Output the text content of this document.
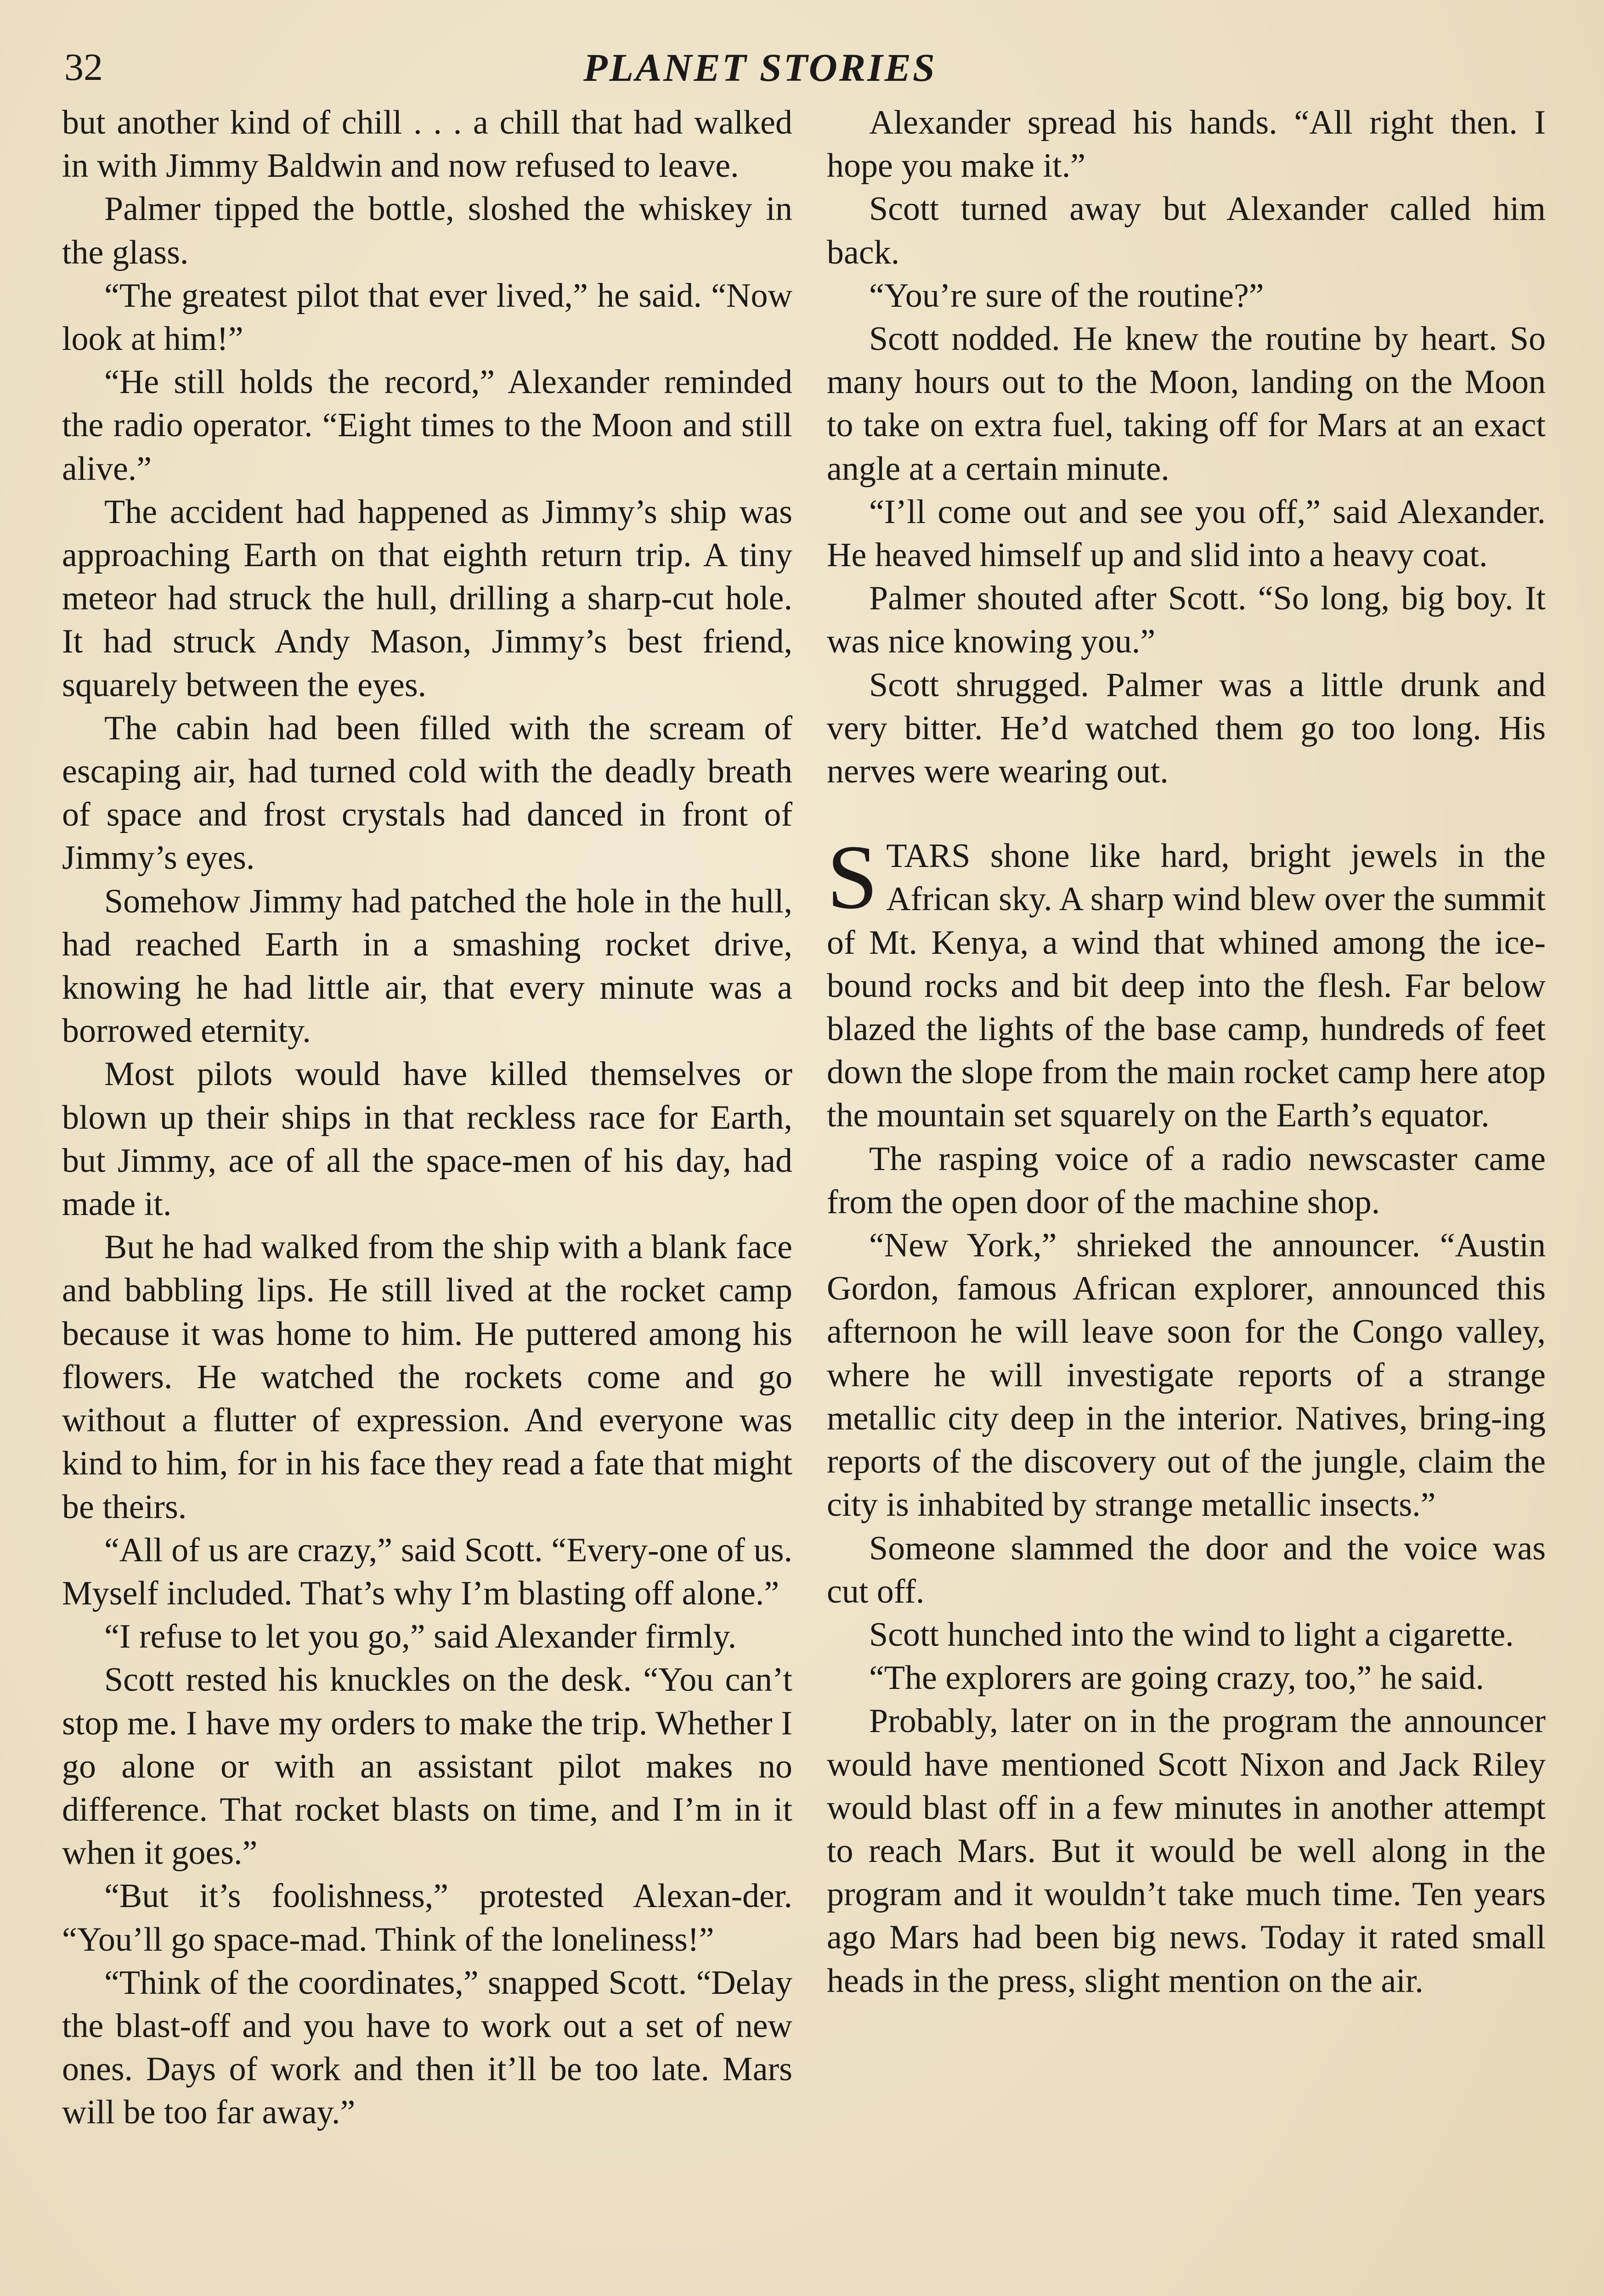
32	PLANET STORIES

but another kind of chill . . . a chill that had walked in with Jimmy Baldwin and now refused to leave.

Palmer tipped the bottle, sloshed the whiskey in the glass.

“The greatest pilot that ever lived,” he said. “Now look at him!”

“He still holds the record,” Alexander reminded the radio operator. “Eight times to the Moon and still alive.”

The accident had happened as Jimmy’s ship was approaching Earth on that eighth return trip. A tiny meteor had struck the hull, drilling a sharp-cut hole. It had struck Andy Mason, Jimmy’s best friend, squarely between the eyes.

The cabin had been filled with the scream of escaping air, had turned cold with the deadly breath of space and frost crystals had danced in front of Jimmy’s eyes.

Somehow Jimmy had patched the hole in the hull, had reached Earth in a smashing rocket drive, knowing he had little air, that every minute was a borrowed eternity.

Most pilots would have killed themselves or blown up their ships in that reckless race for Earth, but Jimmy, ace of all the space-men of his day, had made it.

But he had walked from the ship with a blank face and babbling lips. He still lived at the rocket camp because it was home to him. He puttered among his flowers. He watched the rockets come and go without a flutter of expression. And everyone was kind to him, for in his face they read a fate that might be theirs.

“All of us are crazy,” said Scott. “Every-one of us. Myself included. That’s why I’m blasting off alone.”

“I refuse to let you go,” said Alexander firmly.

Scott rested his knuckles on the desk. “You can’t stop me. I have my orders to make the trip. Whether I go alone or with an assistant pilot makes no difference. That rocket blasts on time, and I’m in it when it goes.”

“But it’s foolishness,” protested Alexan-der. “You’ll go space-mad. Think of the loneliness!”

“Think of the coordinates,” snapped Scott. “Delay the blast-off and you have to work out a set of new ones. Days of work and then it’ll be too late. Mars will be too far away.”

Alexander spread his hands. “All right then. I hope you make it.”

Scott turned away but Alexander called him back.

“You’re sure of the routine?”

Scott nodded. He knew the routine by heart. So many hours out to the Moon, landing on the Moon to take on extra fuel, taking off for Mars at an exact angle at a certain minute.

“I’ll come out and see you off,” said Alexander. He heaved himself up and slid into a heavy coat.

Palmer shouted after Scott. “So long, big boy. It was nice knowing you.”

Scott shrugged. Palmer was a little drunk and very bitter. He’d watched them go too long. His nerves were wearing out.

STARS shone like hard, bright jewels in the African sky. A sharp wind blew over the summit of Mt. Kenya, a wind that whined among the ice-bound rocks and bit deep into the flesh. Far below blazed the lights of the base camp, hundreds of feet down the slope from the main rocket camp here atop the mountain set squarely on the Earth’s equator.

The rasping voice of a radio newscaster came from the open door of the machine shop.

“New York,” shrieked the announcer. “Austin Gordon, famous African explorer, announced this afternoon he will leave soon for the Congo valley, where he will investigate reports of a strange metallic city deep in the interior. Natives, bring-ing reports of the discovery out of the jungle, claim the city is inhabited by strange metallic insects.”

Someone slammed the door and the voice was cut off.

Scott hunched into the wind to light a cigarette.

“The explorers are going crazy, too,” he said.

Probably, later on in the program the announcer would have mentioned Scott Nixon and Jack Riley would blast off in a few minutes in another attempt to reach Mars. But it would be well along in the program and it wouldn’t take much time. Ten years ago Mars had been big news. Today it rated small heads in the press, slight mention on the air.
